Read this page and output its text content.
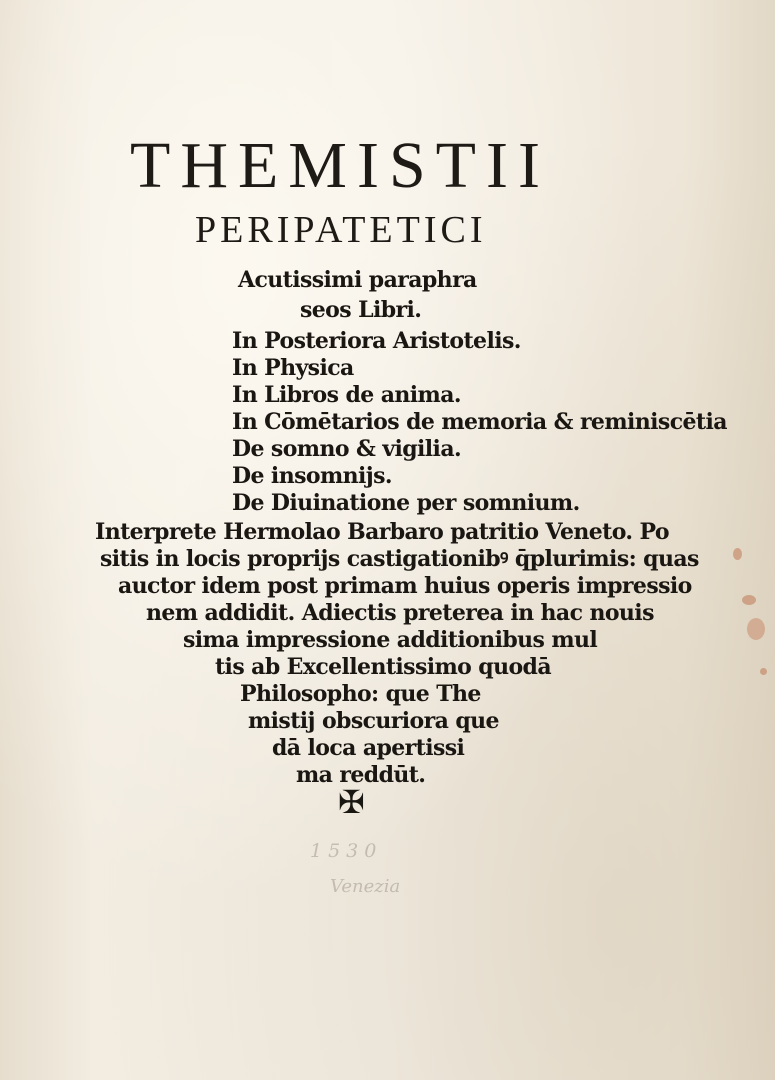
1530
Venezia
THEMISTII
PERIPATETICI
Acutissimi paraphra
seos Libri.
In Posteriora Aristotelis.
In Physica
In Libros de anima.
In Cōmētarios de memoria & reminiscētia
De somno & vigilia.
De insomnijs.
De Diuinatione per somnium.
Interprete Hermolao Barbaro patritio Veneto. Po
sitis in locis proprijs castigationibꝰ q̄plurimis: quas
auctor idem post primam huius operis impressio
nem addidit. Adiectis preterea in hac nouis
sima impressione additionibus mul
tis ab Excellentissimo quodā
Philosopho: que The
mistij obscuriora que
dā loca apertissi
ma reddūt.
✠
